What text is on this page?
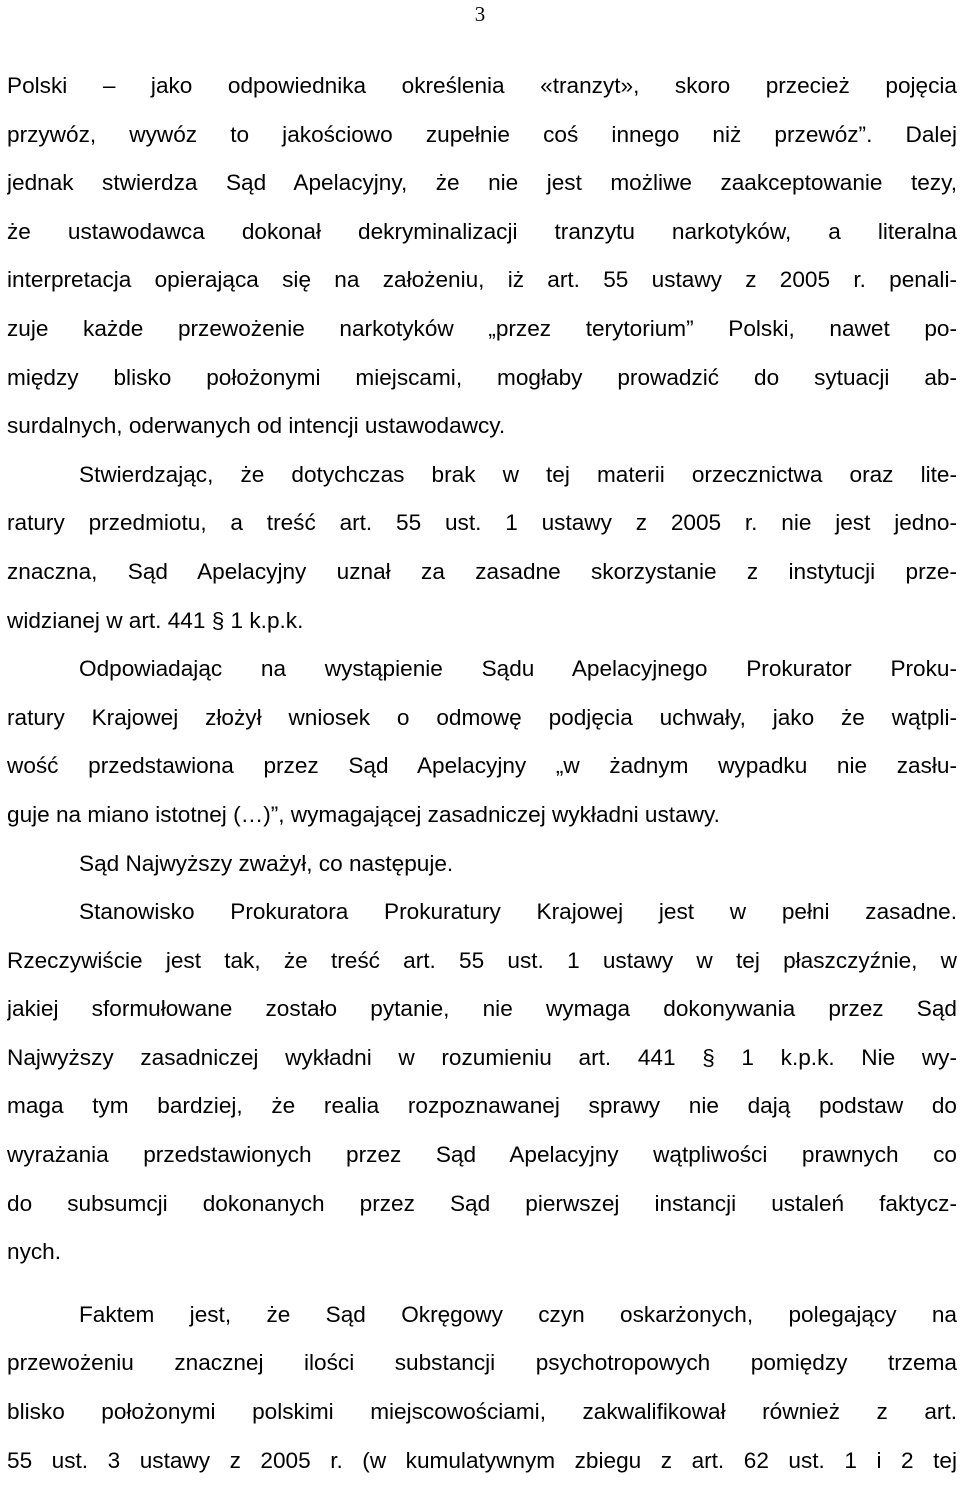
3
Polski – jako odpowiednika określenia «tranzyt», skoro przecież pojęcia
przywóz, wywóz to jakościowo zupełnie coś innego niż przewóz”. Dalej
jednak stwierdza Sąd Apelacyjny, że nie jest możliwe zaakceptowanie tezy,
że ustawodawca dokonał dekryminalizacji tranzytu narkotyków, a literalna
interpretacja opierająca się na założeniu, iż art. 55 ustawy z 2005 r. penali-
zuje każde przewożenie narkotyków „przez terytorium” Polski, nawet po-
między blisko położonymi miejscami, mogłaby prowadzić do sytuacji ab-
surdalnych, oderwanych od intencji ustawodawcy.
Stwierdzając, że dotychczas brak w tej materii orzecznictwa oraz lite-
ratury przedmiotu, a treść art. 55 ust. 1 ustawy z 2005 r. nie jest jedno-
znaczna, Sąd Apelacyjny uznał za zasadne skorzystanie z instytucji prze-
widzianej w art. 441 § 1 k.p.k.
Odpowiadając na wystąpienie Sądu Apelacyjnego Prokurator Proku-
ratury Krajowej złożył wniosek o odmowę podjęcia uchwały, jako że wątpli-
wość przedstawiona przez Sąd Apelacyjny „w żadnym wypadku nie zasłu-
guje na miano istotnej (…)”, wymagającej zasadniczej wykładni ustawy.
Sąd Najwyższy zważył, co następuje.
Stanowisko Prokuratora Prokuratury Krajowej jest w pełni zasadne.
Rzeczywiście jest tak, że treść art. 55 ust. 1 ustawy w tej płaszczyźnie, w
jakiej sformułowane zostało pytanie, nie wymaga dokonywania przez Sąd
Najwyższy zasadniczej wykładni w rozumieniu art. 441 § 1 k.p.k. Nie wy-
maga tym bardziej, że realia rozpoznawanej sprawy nie dają podstaw do
wyrażania przedstawionych przez Sąd Apelacyjny wątpliwości prawnych co
do subsumcji dokonanych przez Sąd pierwszej instancji ustaleń faktycz-
nych.
Faktem jest, że Sąd Okręgowy czyn oskarżonych, polegający na
przewożeniu znacznej ilości substancji psychotropowych pomiędzy trzema
blisko położonymi polskimi miejscowościami, zakwalifikował również z art.
55 ust. 3 ustawy z 2005 r. (w kumulatywnym zbiegu z art. 62 ust. 1 i 2 tej
